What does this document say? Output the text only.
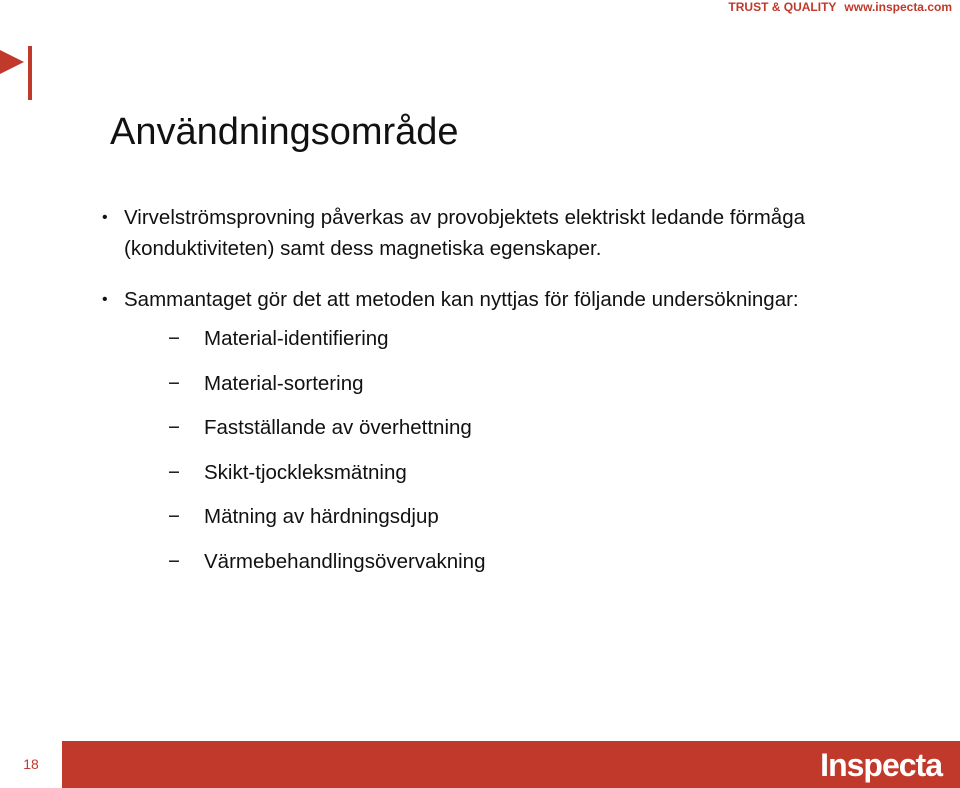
TRUST & QUALITY www.inspecta.com
Användningsområde
• Virvelströmsprovning påverkas av provobjektets elektriskt ledande förmåga (konduktiviteten) samt dess magnetiska egenskaper.
• Sammantaget gör det att metoden kan nyttjas för följande undersökningar:
− Material-identifiering
− Material-sortering
− Fastställande av överhettning
− Skikt-tjockleksmätning
− Mätning av härdningsdjup
− Värmebehandlingsövervakning
18	Inspecta
